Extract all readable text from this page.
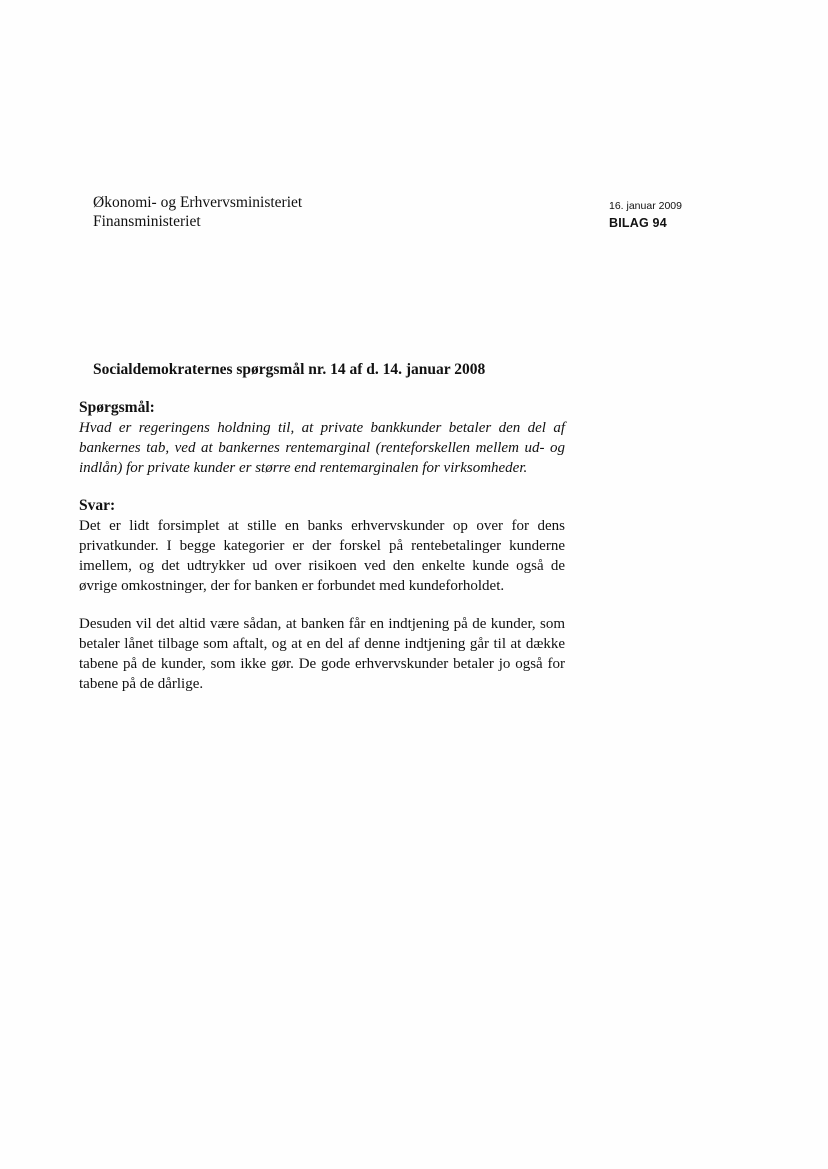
Økonomi- og Erhvervsministeriet
Finansministeriet
16. januar 2009
BILAG 94
Socialdemokraternes spørgsmål nr. 14 af d. 14. januar 2008
Spørgsmål:

Hvad er regeringens holdning til, at private bankkunder betaler den del af bankernes tab, ved at bankernes rentemarginal (renteforskellen mellem ud- og indlån) for private kunder er større end rentemarginalen for virksomheder.

Svar:

Det er lidt forsimplet at stille en banks erhvervskunder op over for dens privatkunder. I begge kategorier er der forskel på rentebetalinger kunderne imellem, og det udtrykker ud over risikoen ved den enkelte kunde også de øvrige omkostninger, der for banken er forbundet med kundeforholdet.

Desuden vil det altid være sådan, at banken får en indtjening på de kunder, som betaler lånet tilbage som aftalt, og at en del af denne indtjening går til at dække tabene på de kunder, som ikke gør. De gode erhvervskunder betaler jo også for tabene på de dårlige.
